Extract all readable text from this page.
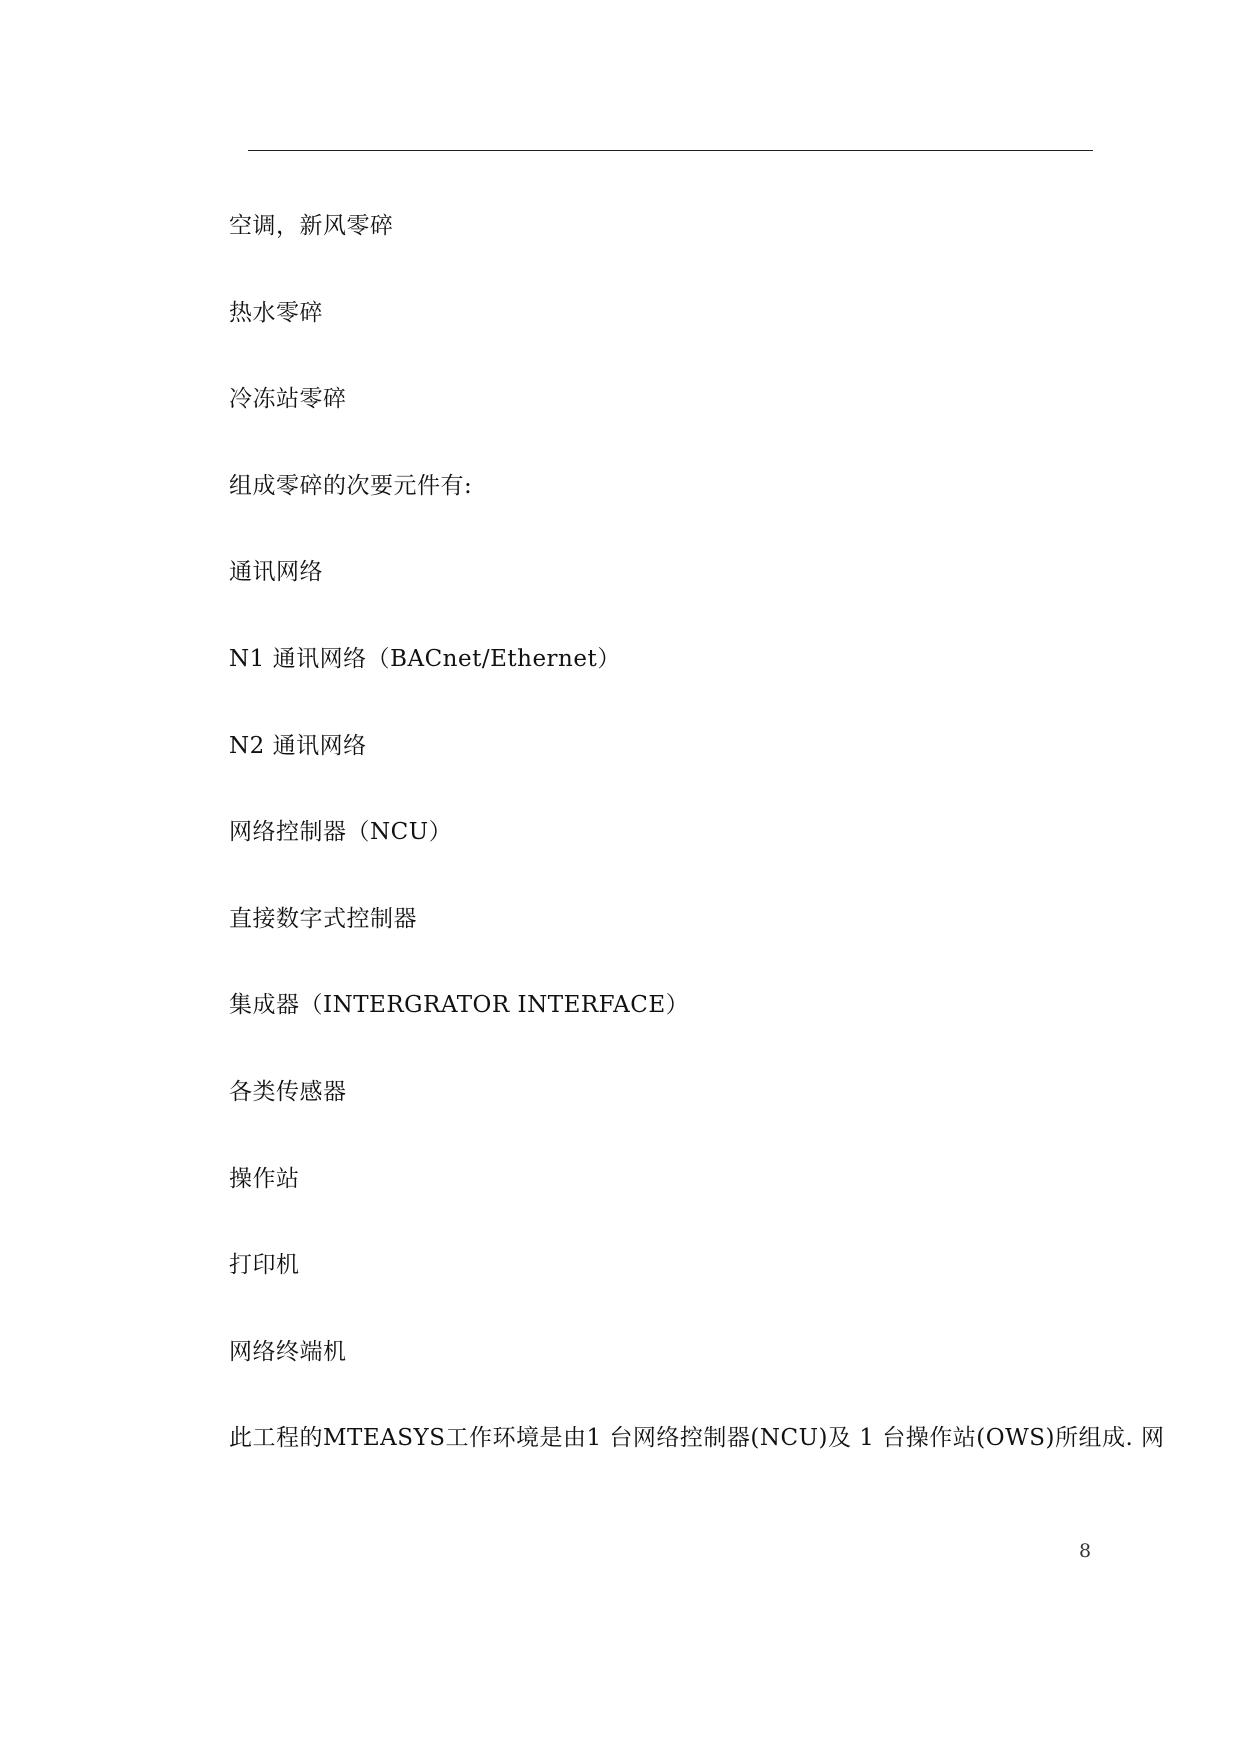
空调，新风零碎
热水零碎
冷冻站零碎
组成零碎的次要元件有:
通讯网络
N1 通讯网络（BACnet/Ethernet）
N2 通讯网络
网络控制器（NCU）
直接数字式控制器
集成器（INTERGRATOR INTERFACE）
各类传感器
操作站
打印机
网络终端机
此工程的MTEASYS工作环境是由1 台网络控制器(NCU)及 1 台操作站(OWS)所组成. 网
8
